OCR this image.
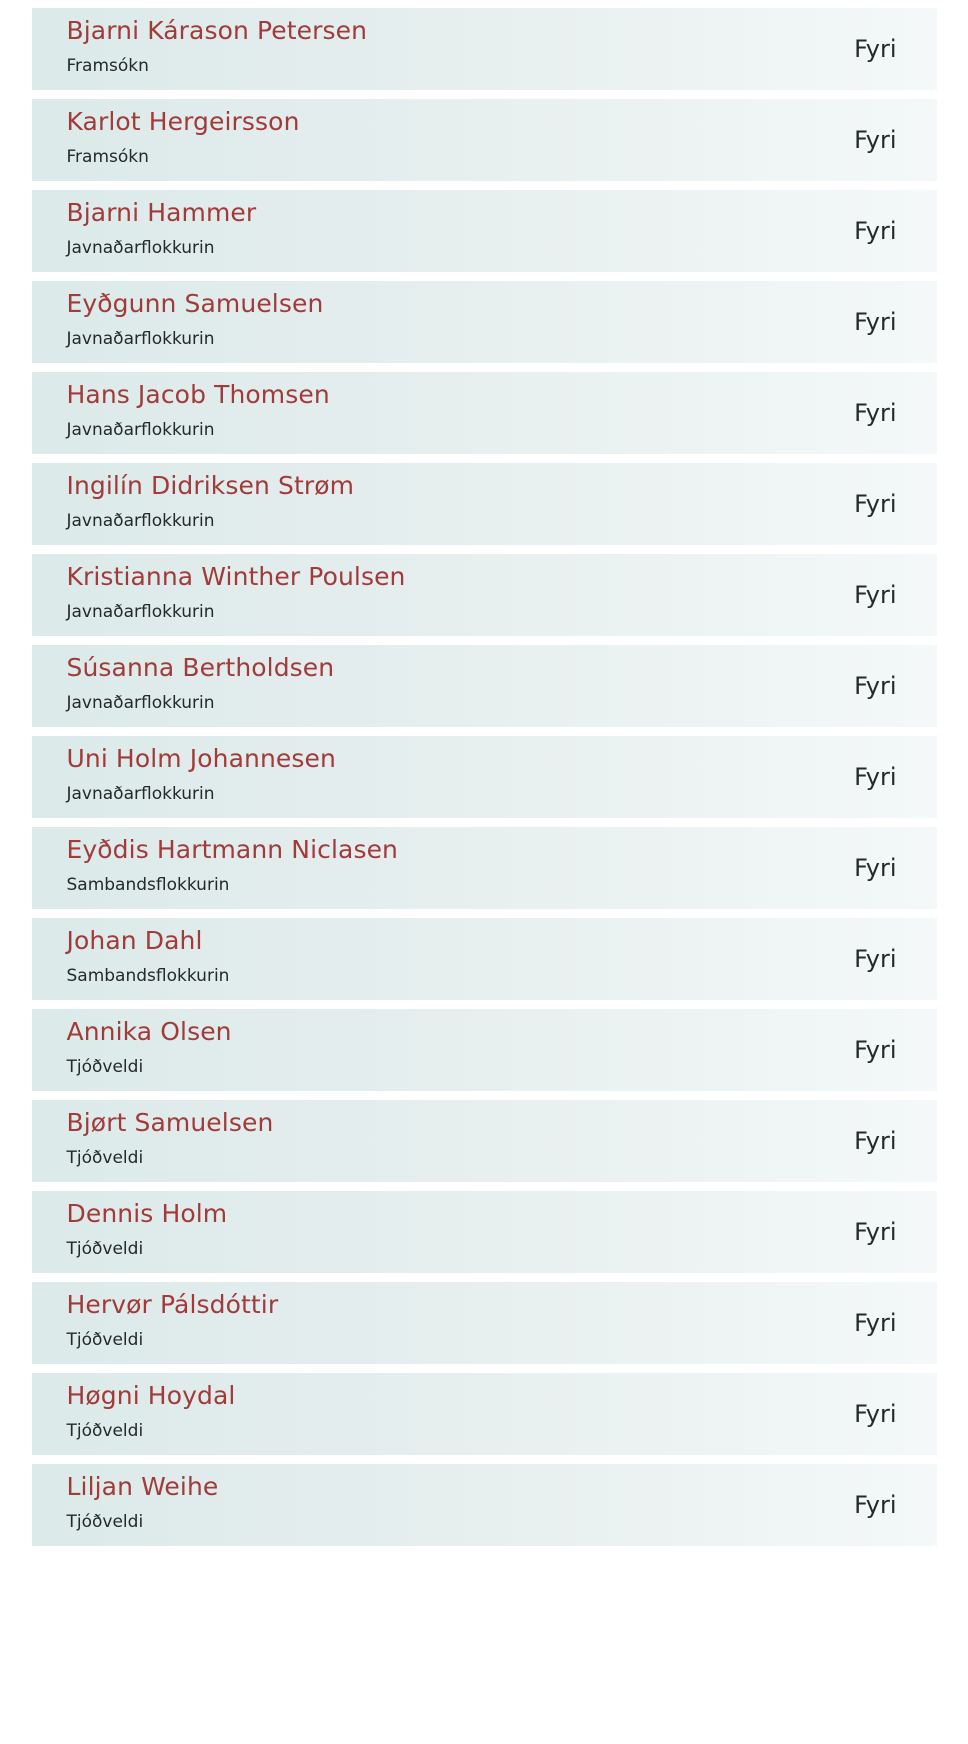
Bjarni Kárason Petersen
Framsókn
Fyri
Karlot Hergeirsson
Framsókn
Fyri
Bjarni Hammer
Javnaðarflokkurin
Fyri
Eyðgunn Samuelsen
Javnaðarflokkurin
Fyri
Hans Jacob Thomsen
Javnaðarflokkurin
Fyri
Ingilín Didriksen Strøm
Javnaðarflokkurin
Fyri
Kristianna Winther Poulsen
Javnaðarflokkurin
Fyri
Súsanna Bertholdsen
Javnaðarflokkurin
Fyri
Uni Holm Johannesen
Javnaðarflokkurin
Fyri
Eyðdis Hartmann Niclasen
Sambandsflokkurin
Fyri
Johan Dahl
Sambandsflokkurin
Fyri
Annika Olsen
Tjóðveldi
Fyri
Bjørt Samuelsen
Tjóðveldi
Fyri
Dennis Holm
Tjóðveldi
Fyri
Hervør Pálsdóttir
Tjóðveldi
Fyri
Høgni Hoydal
Tjóðveldi
Fyri
Liljan Weihe
Tjóðveldi
Fyri
